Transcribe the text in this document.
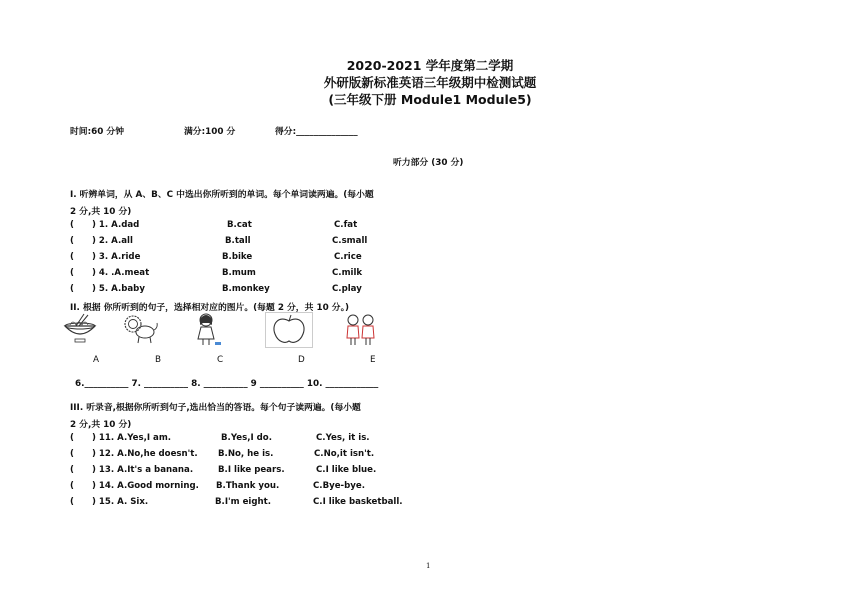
2020-2021 学年度第二学期
外研版新标准英语三年级期中检测试题
(三年级下册 Module1 Module5)
时间:60 分钟	满分:100 分	得分:______________
听力部分 (30 分)
I. 听辨单词，从 A、B、C 中选出你所听到的单词。每个单词读两遍。(每小题
2 分,共 10 分)
( ) 1. A.dad	B.cat	C.fat
( ) 2. A.all	B.tall	C.small
( ) 3. A.ride	B.bike	C.rice
( ) 4. .A.meat	B.mum	C.milk
( ) 5. A.baby	B.monkey	C.play
II. 根据 你所听到的句子，选择相对应的图片。(每题 2 分，共 10 分。)
A	B	C	D	E
6.__________ 7. __________ 8. __________ 9 __________ 10. ____________
III. 听录音,根据你所听到句子,选出恰当的答语。每个句子读两遍。(每小题
2 分,共 10 分)
( ) 11. A.Yes,I am.	B.Yes,I do.	C.Yes, it is.
( ) 12. A.No,he doesn't. B.No, he is.	C.No,it isn't.
( ) 13. A.It's a banana.	B.I like pears.	C.I like blue.
( ) 14. A.Good morning. B.Thank you.	C.Bye-bye.
( ) 15. A. Six.	B.I'm eight.	C.I like basketball.
1
